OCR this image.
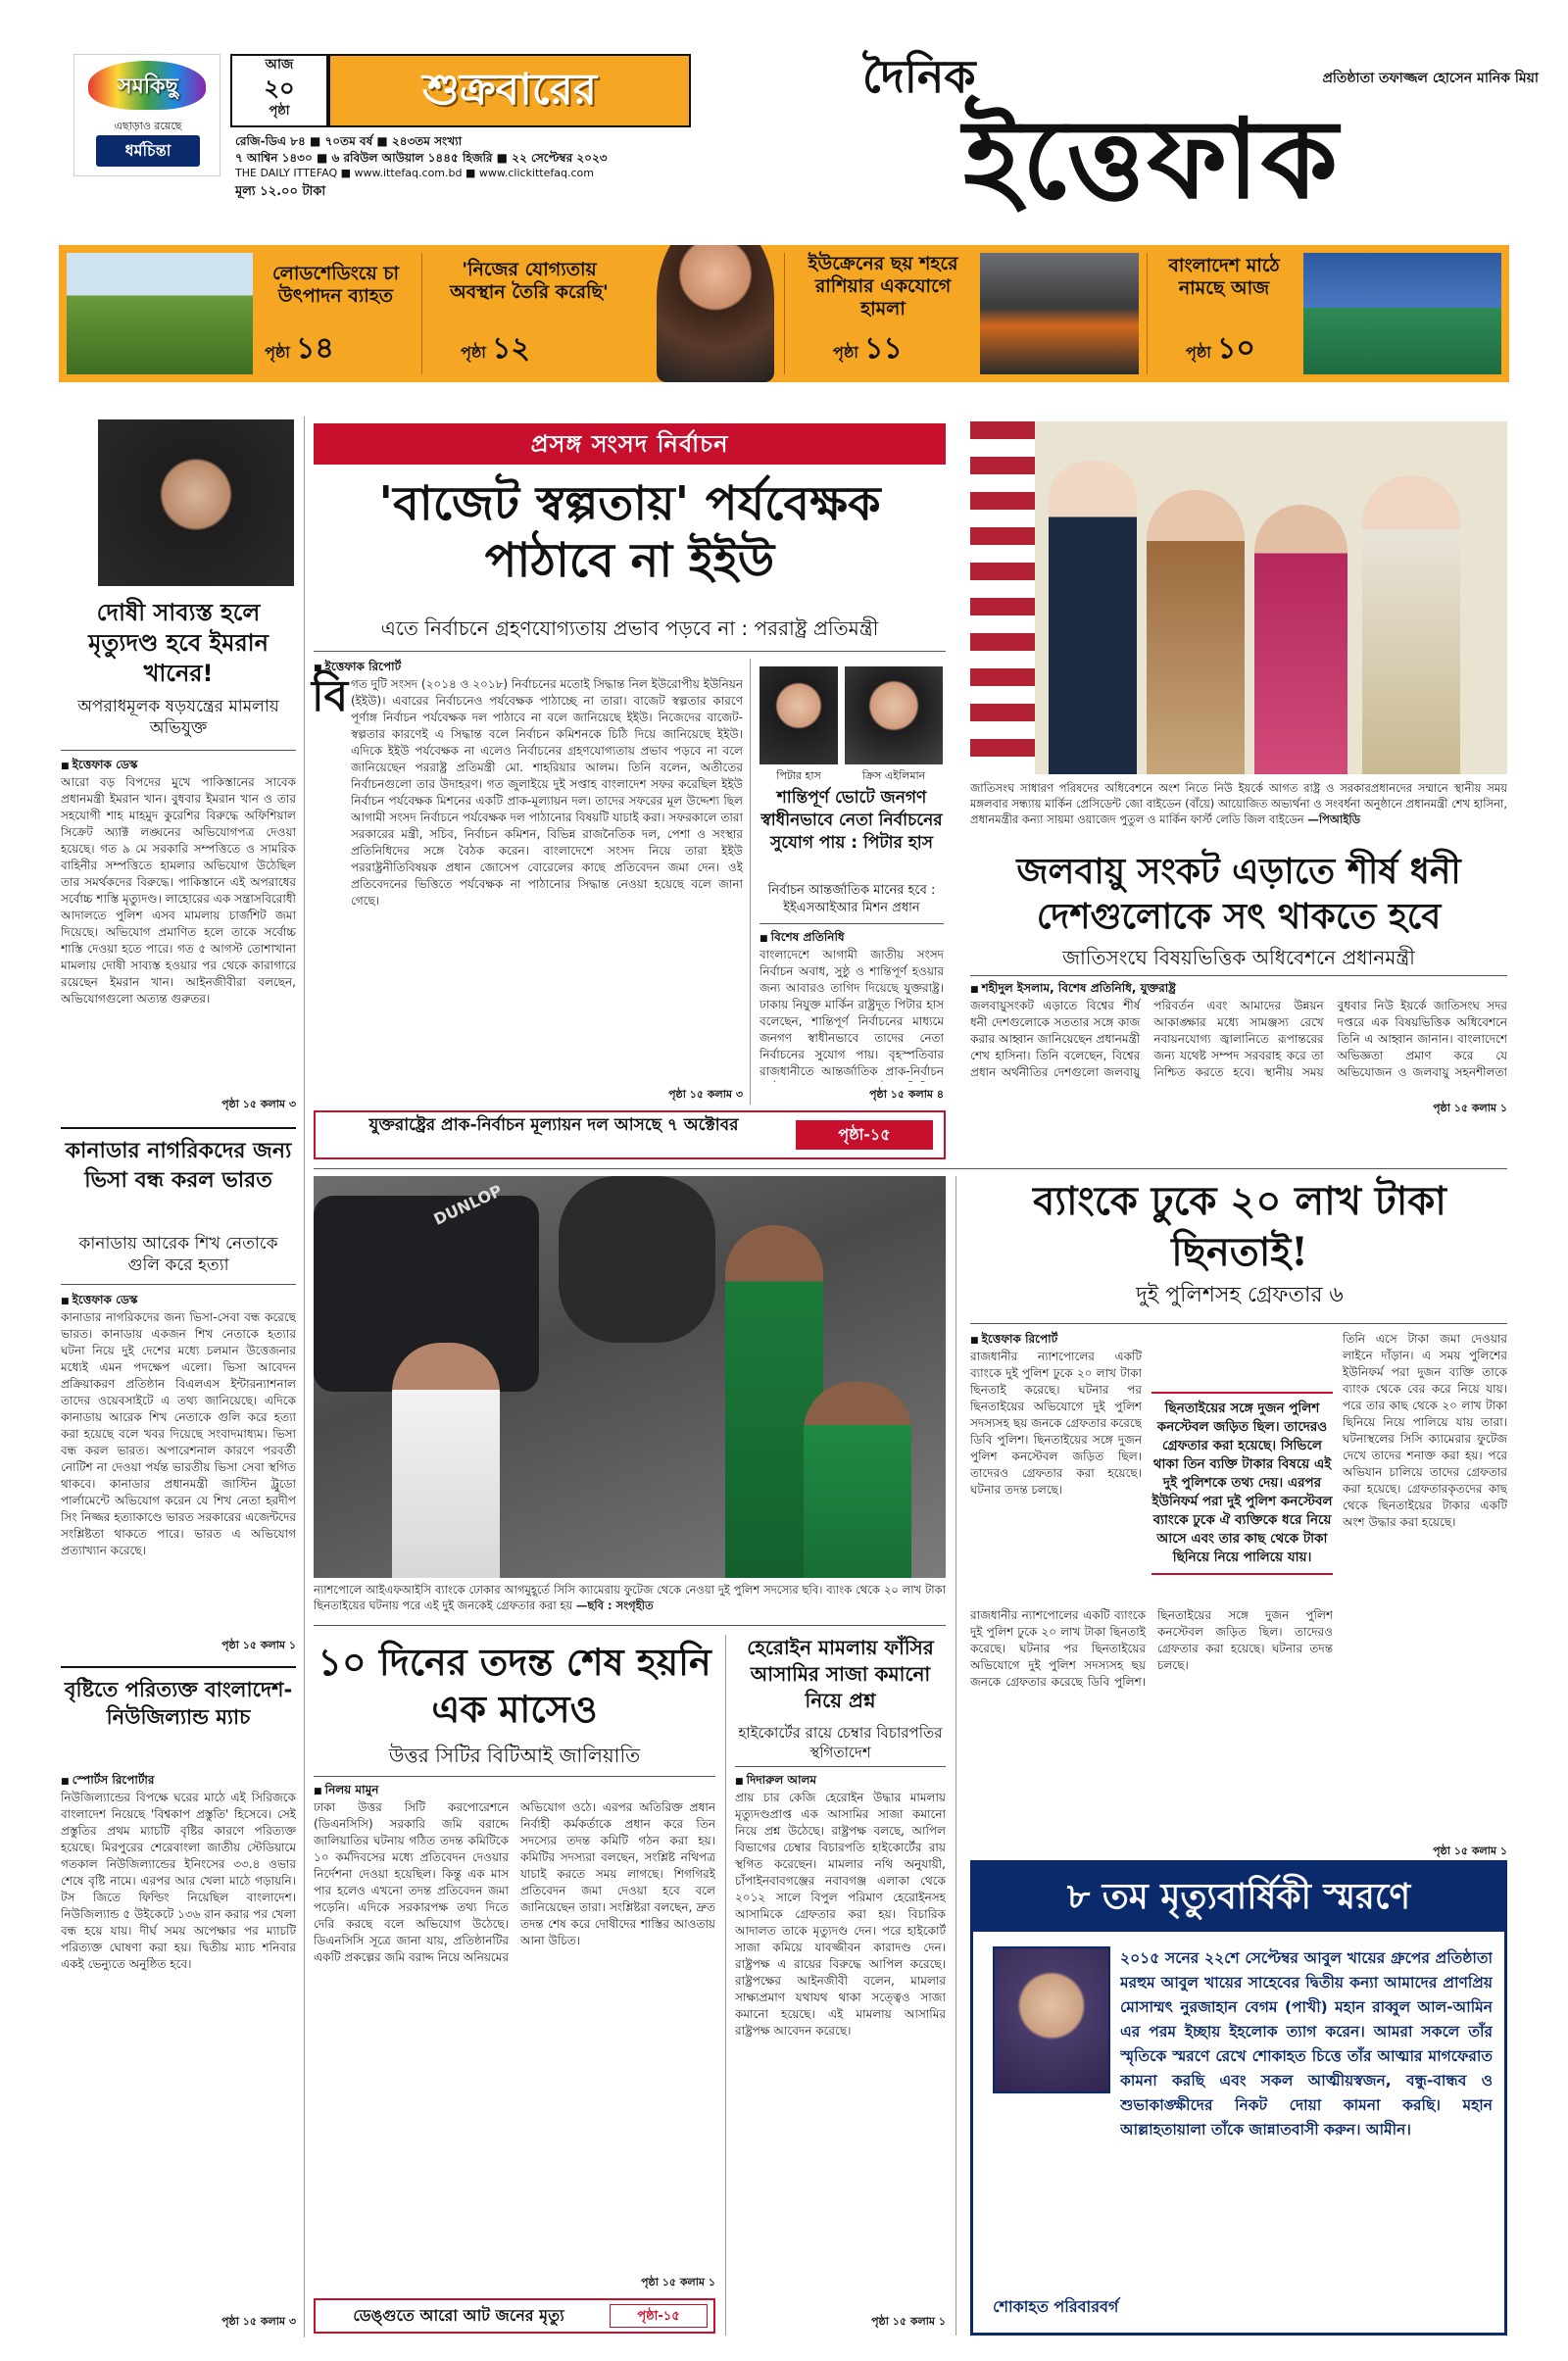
সমকিছু
এছাড়াও রয়েছে
ধর্মচিন্তা
আজ
২০
পৃষ্ঠা	শুক্রবারের
রেজি-ডিএ ৮৪ ■ ৭০তম বর্ষ ■ ২৪৩তম সংখ্যা
৭ আশ্বিন ১৪৩০ ■ ৬ রবিউল আউয়াল ১৪৪৫ হিজরি ■ ২২ সেপ্টেম্বর ২০২৩
THE DAILY ITTEFAQ ■ www.ittefaq.com.bd ■ www.clickittefaq.com
মূল্য ১২.০০ টাকা
দৈনিক
ইত্তেফাক
প্রতিষ্ঠাতা তফাজ্জল হোসেন মানিক মিয়া
লোডশেডিংয়ে চা উৎপাদন ব্যাহত
পৃষ্ঠা ১৪
'নিজের যোগ্যতায় অবস্থান তৈরি করেছি'
পৃষ্ঠা ১২
ইউক্রেনের ছয় শহরে রাশিয়ার একযোগে হামলা
পৃষ্ঠা ১১
বাংলাদেশ মাঠে নামছে আজ
পৃষ্ঠা ১০
দোষী সাব্যস্ত হলে মৃত্যুদণ্ড হবে ইমরান খানের!
অপরাধমূলক ষড়যন্ত্রের মামলায় অভিযুক্ত
■ ইত্তেফাক ডেস্ক
আরো বড় বিপদের মুখে পাকিস্তানের সাবেক প্রধানমন্ত্রী ইমরান খান। বুধবার ইমরান খান ও তার সহযোগী শাহ মাহমুদ কুরেশির বিরুদ্ধে অফিশিয়াল সিক্রেট অ্যাক্ট লঙ্ঘনের অভিযোগপত্র দেওয়া হয়েছে। গত ৯ মে সরকারি সম্পত্তিতে ও সামরিক বাহিনীর সম্পত্তিতে হামলার অভিযোগ উঠেছিল তার সমর্থকদের বিরুদ্ধে। পাকিস্তানে এই অপরাধের সর্বোচ্চ শাস্তি মৃত্যুদণ্ড। লাহোরের এক সন্ত্রাসবিরোধী আদালতে পুলিশ এসব মামলায় চার্জশিট জমা দিয়েছে। অভিযোগ প্রমাণিত হলে তাকে সর্বোচ্চ শাস্তি দেওয়া হতে পারে। গত ৫ আগস্ট তোশাখানা মামলায় দোষী সাব্যস্ত হওয়ার পর থেকে কারাগারে রয়েছেন ইমরান খান। আইনজীবীরা বলছেন, অভিযোগগুলো অত্যন্ত গুরুতর।
পৃষ্ঠা ১৫ কলাম ৩
কানাডার নাগরিকদের জন্য ভিসা বন্ধ করল ভারত
কানাডায় আরেক শিখ নেতাকে গুলি করে হত্যা
■ ইত্তেফাক ডেস্ক
কানাডার নাগরিকদের জন্য ভিসা-সেবা বন্ধ করেছে ভারত। কানাডায় একজন শিখ নেতাকে হত্যার ঘটনা নিয়ে দুই দেশের মধ্যে চলমান উত্তেজনার মধ্যেই এমন পদক্ষেপ এলো। ভিসা আবেদন প্রক্রিয়াকরণ প্রতিষ্ঠান বিএলএস ইন্টারন্যাশনাল তাদের ওয়েবসাইটে এ তথ্য জানিয়েছে। এদিকে কানাডায় আরেক শিখ নেতাকে গুলি করে হত্যা করা হয়েছে বলে খবর দিয়েছে সংবাদমাধ্যম। ভিসা বন্ধ করল ভারত। অপারেশনাল কারণে পরবর্তী নোটিশ না দেওয়া পর্যন্ত ভারতীয় ভিসা সেবা স্থগিত থাকবে। কানাডার প্রধানমন্ত্রী জাস্টিন ট্রুডো পার্লামেন্টে অভিযোগ করেন যে শিখ নেতা হরদীপ সিং নিজ্জর হত্যাকাণ্ডে ভারত সরকারের এজেন্টদের সংশ্লিষ্টতা থাকতে পারে। ভারত এ অভিযোগ প্রত্যাখ্যান করেছে।
পৃষ্ঠা ১৫ কলাম ১
বৃষ্টিতে পরিত্যক্ত বাংলাদেশ-নিউজিল্যান্ড ম্যাচ
■ স্পোর্টস রিপোর্টার
নিউজিল্যান্ডের বিপক্ষে ঘরের মাঠে এই সিরিজকে বাংলাদেশ নিয়েছে 'বিশ্বকাপ প্রস্তুতি' হিসেবে। সেই প্রস্তুতির প্রথম ম্যাচটি বৃষ্টির কারণে পরিত্যক্ত হয়েছে। মিরপুরের শেরেবাংলা জাতীয় স্টেডিয়ামে গতকাল নিউজিল্যান্ডের ইনিংসের ৩৩.৪ ওভার শেষে বৃষ্টি নামে। এরপর আর খেলা মাঠে গড়ায়নি। টস জিতে ফিল্ডিং নিয়েছিল বাংলাদেশ। নিউজিল্যান্ড ৫ উইকেটে ১৩৬ রান করার পর খেলা বন্ধ হয়ে যায়। দীর্ঘ সময় অপেক্ষার পর ম্যাচটি পরিত্যক্ত ঘোষণা করা হয়। দ্বিতীয় ম্যাচ শনিবার একই ভেন্যুতে অনুষ্ঠিত হবে।
পৃষ্ঠা ১৫ কলাম ৩
প্রসঙ্গ সংসদ নির্বাচন
'বাজেট স্বল্পতায়' পর্যবেক্ষক পাঠাবে না ইইউ
এতে নির্বাচনে গ্রহণযোগ্যতায় প্রভাব পড়বে না : পররাষ্ট্র প্রতিমন্ত্রী
■ ইত্তেফাক রিপোর্ট
বি গত দুটি সংসদ (২০১৪ ও ২০১৮) নির্বাচনের মতোই সিদ্ধান্ত নিল ইউরোপীয় ইউনিয়ন (ইইউ)। এবারের নির্বাচনেও পর্যবেক্ষক পাঠাচ্ছে না তারা। বাজেট স্বল্পতার কারণে পূর্ণাঙ্গ নির্বাচন পর্যবেক্ষক দল পাঠাবে না বলে জানিয়েছে ইইউ। নিজেদের বাজেট-স্বল্পতার কারণেই এ সিদ্ধান্ত বলে নির্বাচন কমিশনকে চিঠি দিয়ে জানিয়েছে ইইউ। এদিকে ইইউ পর্যবেক্ষক না এলেও নির্বাচনের গ্রহণযোগ্যতায় প্রভাব পড়বে না বলে জানিয়েছেন পররাষ্ট্র প্রতিমন্ত্রী মো. শাহরিয়ার আলম। তিনি বলেন, অতীতের নির্বাচনগুলো তার উদাহরণ। গত জুলাইয়ে দুই সপ্তাহ বাংলাদেশ সফর করেছিল ইইউ নির্বাচন পর্যবেক্ষক মিশনের একটি প্রাক-মূল্যায়ন দল। তাদের সফরের মূল উদ্দেশ্য ছিল আগামী সংসদ নির্বাচনে পর্যবেক্ষক দল পাঠানোর বিষয়টি যাচাই করা। সফরকালে তারা সরকারের মন্ত্রী, সচিব, নির্বাচন কমিশন, বিভিন্ন রাজনৈতিক দল, পেশা ও সংস্থার প্রতিনিধিদের সঙ্গে বৈঠক করেন। বাংলাদেশে সংসদ নিয়ে তারা ইইউ পররাষ্ট্রনীতিবিষয়ক প্রধান জোসেপ বোরেলের কাছে প্রতিবেদন জমা দেন। ওই প্রতিবেদনের ভিত্তিতে পর্যবেক্ষক না পাঠানোর সিদ্ধান্ত নেওয়া হয়েছে বলে জানা গেছে।
পৃষ্ঠা ১৫ কলাম ৩
পিটার হাস	ক্রিস এইলিমান
শান্তিপূর্ণ ভোটে জনগণ স্বাধীনভাবে নেতা নির্বাচনের সুযোগ পায় : পিটার হাস
নির্বাচন আন্তর্জাতিক মানের হবে : ইইএসআইআর মিশন প্রধান
■ বিশেষ প্রতিনিধি
বাংলাদেশে আগামী জাতীয় সংসদ নির্বাচন অবাধ, সুষ্ঠু ও শান্তিপূর্ণ হওয়ার জন্য আবারও তাগিদ দিয়েছে যুক্তরাষ্ট্র। ঢাকায় নিযুক্ত মার্কিন রাষ্ট্রদূত পিটার হাস বলেছেন, শান্তিপূর্ণ নির্বাচনের মাধ্যমে জনগণ স্বাধীনভাবে তাদের নেতা নির্বাচনের সুযোগ পায়। বৃহস্পতিবার রাজধানীতে আন্তর্জাতিক প্রাক-নির্বাচন
পৃষ্ঠা ১৫ কলাম ৪
যুক্তরাষ্ট্রের প্রাক-নির্বাচন মূল্যায়ন দল আসছে ৭ অক্টোবর	পৃষ্ঠা-১৫
জাতিসংঘ সাধারণ পরিষদের অধিবেশনে অংশ নিতে নিউ ইয়র্কে আগত রাষ্ট্র ও সরকারপ্রধানদের সম্মানে স্থানীয় সময় মঙ্গলবার সন্ধ্যায় মার্কিন প্রেসিডেন্ট জো বাইডেন (বাঁয়ে) আয়োজিত অভ্যর্থনা ও সংবর্ধনা অনুষ্ঠানে প্রধানমন্ত্রী শেখ হাসিনা, প্রধানমন্ত্রীর কন্যা সায়মা ওয়াজেদ পুতুল ও মার্কিন ফার্স্ট লেডি জিল বাইডেন —পিআইডি
জলবায়ু সংকট এড়াতে শীর্ষ ধনী দেশগুলোকে সৎ থাকতে হবে
জাতিসংঘে বিষয়ভিত্তিক অধিবেশনে প্রধানমন্ত্রী
■ শহীদুল ইসলাম, বিশেষ প্রতিনিধি, যুক্তরাষ্ট্র
জলবায়ুসংকট এড়াতে বিশ্বের শীর্ষ ধনী দেশগুলোকে সততার সঙ্গে কাজ করার আহ্বান জানিয়েছেন প্রধানমন্ত্রী শেখ হাসিনা। তিনি বলেছেন, বিশ্বের প্রধান অর্থনীতির দেশগুলো জলবায়ু পরিবর্তন এবং আমাদের উন্নয়ন আকাঙ্ক্ষার মধ্যে সামঞ্জস্য রেখে নবায়নযোগ্য জ্বালানিতে রূপান্তরের জন্য যথেষ্ট সম্পদ সরবরাহ করে তা নিশ্চিত করতে হবে। স্থানীয় সময় বুধবার নিউ ইয়র্কে জাতিসংঘ সদর দপ্তরে এক বিষয়ভিত্তিক অধিবেশনে তিনি এ আহ্বান জানান। বাংলাদেশে অভিজ্ঞতা প্রমাণ করে যে অভিযোজন ও জলবায়ু সহনশীলতা
পৃষ্ঠা ১৫ কলাম ১
DUNLOP
ন্যাশপোলে আইএফআইসি ব্যাংকে ঢোকার আগমুহূর্তে সিসি ক্যামেরায় ফুটেজ থেকে নেওয়া দুই পুলিশ সদস্যের ছবি। ব্যাংক থেকে ২০ লাখ টাকা ছিনতাইয়ের ঘটনায় পরে এই দুই জনকেই গ্রেফতার করা হয় —ছবি : সংগৃহীত
ব্যাংকে ঢুকে ২০ লাখ টাকা ছিনতাই!
দুই পুলিশসহ গ্রেফতার ৬
■ ইত্তেফাক রিপোর্ট
রাজধানীর ন্যাশপোলের একটি ব্যাংকে দুই পুলিশ ঢুকে ২০ লাখ টাকা ছিনতাই করেছে। ঘটনার পর ছিনতাইয়ের অভিযোগে দুই পুলিশ সদস্যসহ ছয় জনকে গ্রেফতার করেছে ডিবি পুলিশ। ছিনতাইয়ের সঙ্গে দুজন পুলিশ কনস্টেবল জড়িত ছিল। তাদেরও গ্রেফতার করা হয়েছে। ঘটনার তদন্ত চলছে।
ছিনতাইয়ের সঙ্গে দুজন পুলিশ কনস্টেবল জড়িত ছিল। তাদেরও গ্রেফতার করা হয়েছে। সিভিলে থাকা তিন ব্যক্তি টাকার বিষয়ে এই দুই পুলিশকে তথ্য দেয়। এরপর ইউনিফর্ম পরা দুই পুলিশ কনস্টেবল ব্যাংকে ঢুকে ঐ ব্যক্তিকে ধরে নিয়ে আসে এবং তার কাছ থেকে টাকা ছিনিয়ে নিয়ে পালিয়ে যায়।
তিনি এসে টাকা জমা দেওয়ার লাইনে দাঁড়ান। এ সময় পুলিশের ইউনিফর্ম পরা দুজন ব্যক্তি তাকে ব্যাংক থেকে বের করে নিয়ে যায়। পরে তার কাছ থেকে ২০ লাখ টাকা ছিনিয়ে নিয়ে পালিয়ে যায় তারা। ঘটনাস্থলের সিসি ক্যামেরার ফুটেজ দেখে তাদের শনাক্ত করা হয়। পরে অভিযান চালিয়ে তাদের গ্রেফতার করা হয়েছে। গ্রেফতারকৃতদের কাছ থেকে ছিনতাইয়ের টাকার একটি অংশ উদ্ধার করা হয়েছে।
রাজধানীর ন্যাশপোলের একটি ব্যাংকে দুই পুলিশ ঢুকে ২০ লাখ টাকা ছিনতাই করেছে। ঘটনার পর ছিনতাইয়ের অভিযোগে দুই পুলিশ সদস্যসহ ছয় জনকে গ্রেফতার করেছে ডিবি পুলিশ। ছিনতাইয়ের সঙ্গে দুজন পুলিশ কনস্টেবল জড়িত ছিল। তাদেরও গ্রেফতার করা হয়েছে। ঘটনার তদন্ত চলছে।
পৃষ্ঠা ১৫ কলাম ১
১০ দিনের তদন্ত শেষ হয়নি এক মাসেও
উত্তর সিটির বিটিআই জালিয়াতি
■ নিলয় মামুন
ঢাকা উত্তর সিটি করপোরেশনে (ডিএনসিসি) সরকারি জমি বরাদ্দে জালিয়াতির ঘটনায় গঠিত তদন্ত কমিটিকে ১০ কর্মদিবসের মধ্যে প্রতিবেদন দেওয়ার নির্দেশনা দেওয়া হয়েছিল। কিন্তু এক মাস পার হলেও এখনো তদন্ত প্রতিবেদন জমা পড়েনি। এদিকে সরকারপক্ষ তথ্য দিতে দেরি করছে বলে অভিযোগ উঠেছে। ডিএনসিসি সূত্রে জানা যায়, প্রতিষ্ঠানটির একটি প্রকল্পের জমি বরাদ্দ নিয়ে অনিয়মের অভিযোগ ওঠে। এরপর অতিরিক্ত প্রধান নির্বাহী কর্মকর্তাকে প্রধান করে তিন সদস্যের তদন্ত কমিটি গঠন করা হয়। কমিটির সদস্যরা বলছেন, সংশ্লিষ্ট নথিপত্র যাচাই করতে সময় লাগছে। শিগগিরই প্রতিবেদন জমা দেওয়া হবে বলে জানিয়েছেন তারা। সংশ্লিষ্টরা বলছেন, দ্রুত তদন্ত শেষ করে দোষীদের শাস্তির আওতায় আনা উচিত।
পৃষ্ঠা ১৫ কলাম ১
ডেঙ্গুতে আরো আট জনের মৃত্যু	পৃষ্ঠা-১৫
হেরোইন মামলায় ফাঁসির আসামির সাজা কমানো নিয়ে প্রশ্ন
হাইকোর্টের রায়ে চেম্বার বিচারপতির স্থগিতাদেশ
■ দিদারুল আলম
প্রায় চার কেজি হেরোইন উদ্ধার মামলায় মৃত্যুদণ্ডপ্রাপ্ত এক আসামির সাজা কমানো নিয়ে প্রশ্ন উঠেছে। রাষ্ট্রপক্ষ বলছে, আপিল বিভাগের চেম্বার বিচারপতি হাইকোর্টের রায় স্থগিত করেছেন। মামলার নথি অনুযায়ী, চাঁপাইনবাবগঞ্জের নবাবগঞ্জ এলাকা থেকে ২০১২ সালে বিপুল পরিমাণ হেরোইনসহ আসামিকে গ্রেফতার করা হয়। বিচারিক আদালত তাকে মৃত্যুদণ্ড দেন। পরে হাইকোর্ট সাজা কমিয়ে যাবজ্জীবন কারাদণ্ড দেন। রাষ্ট্রপক্ষ এ রায়ের বিরুদ্ধে আপিল করেছে। রাষ্ট্রপক্ষের আইনজীবী বলেন, মামলার সাক্ষ্যপ্রমাণ যথাযথ থাকা সত্ত্বেও সাজা কমানো হয়েছে। এই মামলায় আসামির রাষ্ট্রপক্ষ আবেদন করেছে।
পৃষ্ঠা ১৫ কলাম ১
৮ তম মৃত্যুবার্ষিকী স্মরণে
২০১৫ সনের ২২শে সেপ্টেম্বর আবুল খায়ের গ্রুপের প্রতিষ্ঠাতা মরহুম আবুল খায়ের সাহেবের দ্বিতীয় কন্যা আমাদের প্রাণপ্রিয় মোসাম্মৎ নুরজাহান বেগম (পাখী) মহান রাব্বুল আল-আমিন এর পরম ইচ্ছায় ইহলোক ত্যাগ করেন। আমরা সকলে তাঁর স্মৃতিকে স্মরণে রেখে শোকাহত চিত্তে তাঁর আত্মার মাগফেরাত কামনা করছি এবং সকল আত্মীয়স্বজন, বন্ধু-বান্ধব ও শুভাকাঙ্ক্ষীদের নিকট দোয়া কামনা করছি। মহান আল্লাহতায়ালা তাঁকে জান্নাতবাসী করুন। আমীন।
শোকাহত পরিবারবর্গ
